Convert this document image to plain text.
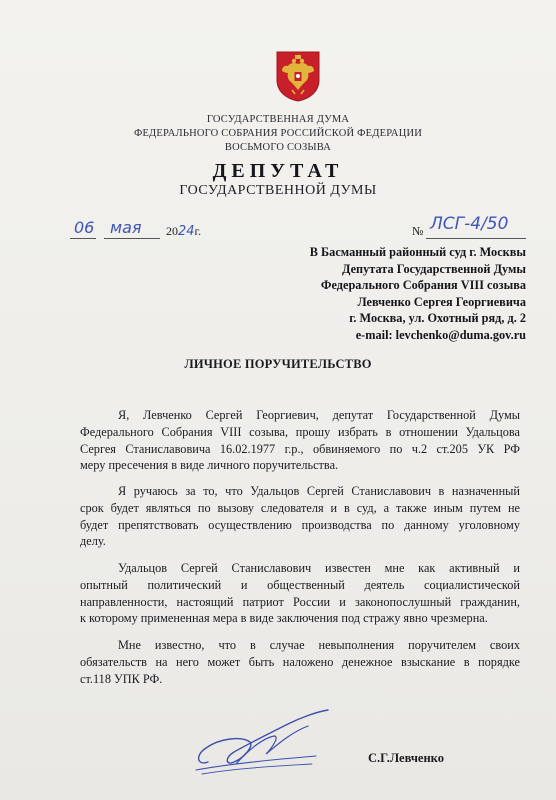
ГОСУДАРСТВЕННАЯ ДУМА
ФЕДЕРАЛЬНОГО СОБРАНИЯ РОССИЙСКОЙ ФЕДЕРАЦИИ
ВОСЬМОГО СОЗЫВА
ДЕПУТАТ
ГОСУДАРСТВЕННОЙ ДУМЫ
06 мая 2024г.	№ ЛСГ-4/50
В Басманный районный суд г. Москвы
Депутата Государственной Думы
Федерального Собрания VIII созыва
Левченко Сергея Георгиевича
г. Москва, ул. Охотный ряд, д. 2
e-mail: levchenko@duma.gov.ru
ЛИЧНОЕ ПОРУЧИТЕЛЬСТВО
Я, Левченко Сергей Георгиевич, депутат Государственной Думы
Федерального Собрания VIII созыва, прошу избрать в отношении Удальцова
Сергея Станиславовича 16.02.1977 г.р., обвиняемого по ч.2 ст.205 УК РФ
меру пресечения в виде личного поручительства.
Я ручаюсь за то, что Удальцов Сергей Станиславович в назначенный
срок будет являться по вызову следователя и в суд, а также иным путем не
будет препятствовать осуществлению производства по данному уголовному
делу.
Удальцов Сергей Станиславович известен мне как активный и
опытный политический и общественный деятель социалистической
направленности, настоящий патриот России и законопослушный гражданин,
к которому примененная мера в виде заключения под стражу явно чрезмерна.
Мне известно, что в случае невыполнения поручителем своих
обязательств на него может быть наложено денежное взыскание в порядке
ст.118 УПК РФ.
С.Г.Левченко
